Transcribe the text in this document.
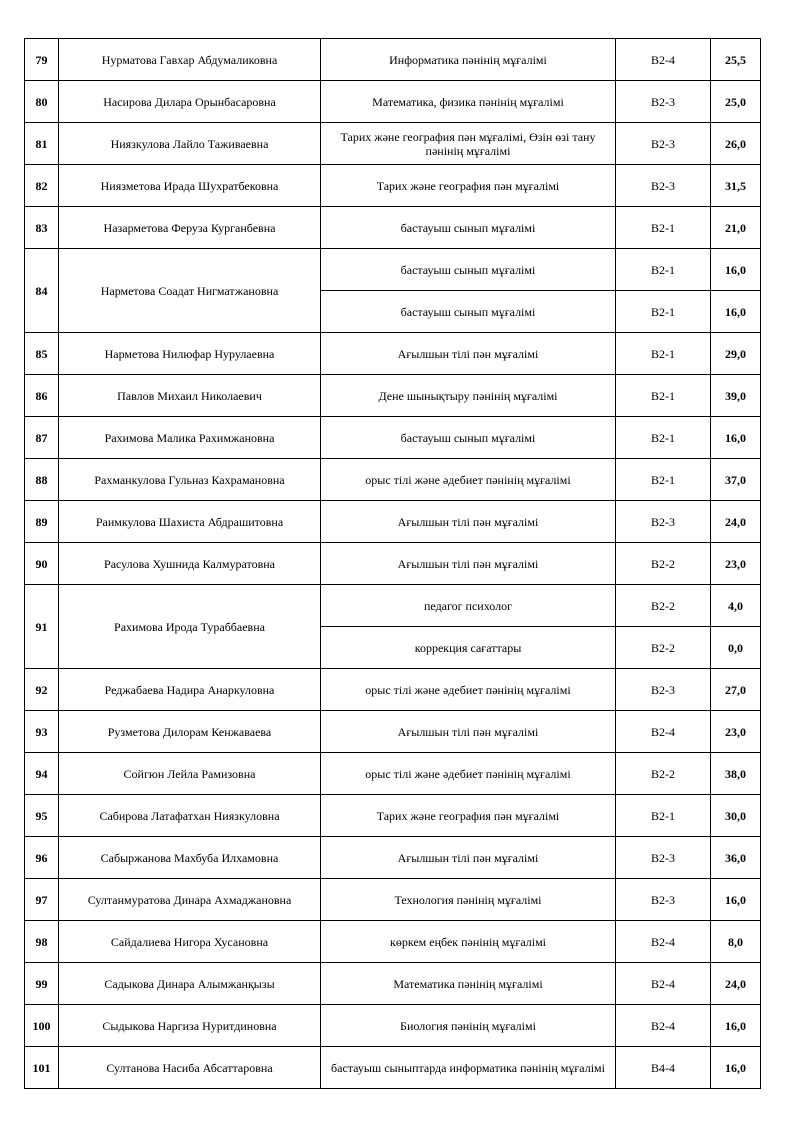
79	Нурматова Гавхар Абдумаликовна	Информатика пәнінің мұғалімі	B2-4	25,5
80	Насирова Дилара Орынбасаровна	Математика, физика пәнінің мұғалімі	B2-3	25,0
81	Ниязкулова Лайло Таживаевна	Тарих және география пән мұғалімі, Өзін өзі тану пәнінің мұғалімі	B2-3	26,0
82	Ниязметова Ирада Шухратбековна	Тарих және география пән мұғалімі	B2-3	31,5
83	Назарметова Феруза Курганбевна	бастауыш сынып мұғалімі	B2-1	21,0
84	Нарметова Соадат Нигматжановна	бастауыш сынып мұғалімі	B2-1	16,0
		бастауыш сынып мұғалімі	B2-1	16,0
85	Нарметова Нилюфар Нурулаевна	Ағылшын тілі пән мұғалімі	B2-1	29,0
86	Павлов Михаил Николаевич	Дене шынықтыру пәнінің мұғалімі	B2-1	39,0
87	Рахимова Малика Рахимжановна	бастауыш сынып мұғалімі	B2-1	16,0
88	Рахманкулова Гульназ Кахрамановна	орыс тілі және әдебиет пәнінің мұғалімі	B2-1	37,0
89	Раимкулова Шахиста Абдрашитовна	Ағылшын тілі пән мұғалімі	B2-3	24,0
90	Расулова Хушнида Калмуратовна	Ағылшын тілі пән мұғалімі	B2-2	23,0
91	Рахимова Ирода Тураббаевна	педагог психолог	B2-2	4,0
		коррекция сағаттары	B2-2	0,0
92	Реджабаева Надира Анаркуловна	орыс тілі және әдебиет пәнінің мұғалімі	B2-3	27,0
93	Рузметова Дилорам Кенжаваева	Ағылшын тілі пән мұғалімі	B2-4	23,0
94	Сойгюн Лейла Рамизовна	орыс тілі және әдебиет пәнінің мұғалімі	B2-2	38,0
95	Сабирова Латафатхан Ниязкуловна	Тарих және география пән мұғалімі	B2-1	30,0
96	Сабыржанова Махбуба Илхамовна	Ағылшын тілі пән мұғалімі	B2-3	36,0
97	Султанмуратова Динара Ахмаджановна	Технология пәнінің мұғалімі	B2-3	16,0
98	Сайдалиева Нигора Хусановна	көркем еңбек пәнінің мұғалімі	B2-4	8,0
99	Садыкова Динара Алымжанқызы	Математика пәнінің мұғалімі	B2-4	24,0
100	Сыдыкова Наргиза Нуритдиновна	Биология пәнінің мұғалімі	B2-4	16,0
101	Султанова Насиба Абсаттаровна	бастауыш сыныптарда информатика пәнінің мұғалімі	B4-4	16,0
